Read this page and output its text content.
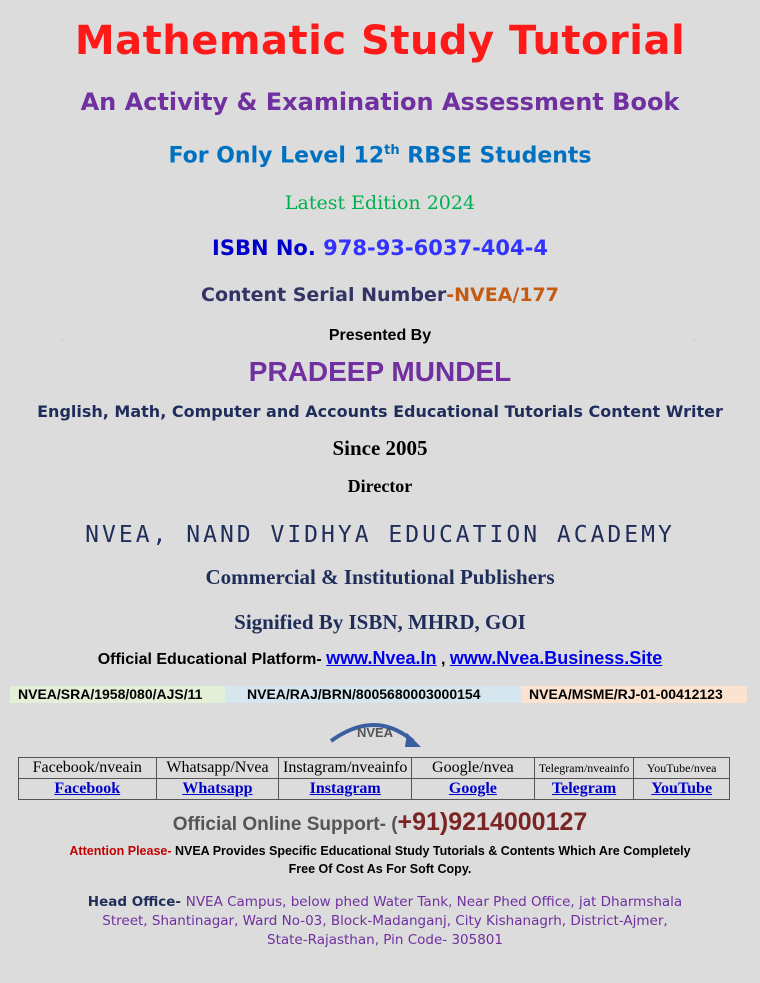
Mathematic Study Tutorial
An Activity & Examination Assessment Book
For Only Level 12th RBSE Students
Latest Edition 2024
ISBN No. 978-93-6037-404-4
Content Serial Number-NVEA/177
.	.
Presented By
PRADEEP MUNDEL
English, Math, Computer and Accounts Educational Tutorials Content Writer
Since 2005
Director
NVEA, NAND VIDHYA EDUCATION ACADEMY
Commercial & Institutional Publishers
Signified By ISBN, MHRD, GOI
Official Educational Platform- www.Nvea.In , www.Nvea.Business.Site
NVEA/SRA/1958/080/AJS/11	NVEA/RAJ/BRN/8005680003000154	NVEA/MSME/RJ-01-00412123
NVEA
Facebook/nveain	Whatsapp/Nvea	Instagram/nveainfo	Google/nvea	Telegram/nveainfo	YouTube/nvea
Facebook	Whatsapp	Instagram	Google	Telegram	YouTube
Official Online Support- (+91)9214000127
Attention Please- NVEA Provides Specific Educational Study Tutorials & Contents Which Are Completely Free Of Cost As For Soft Copy.
Head Office- NVEA Campus, below phed Water Tank, Near Phed Office, jat Dharmshala Street, Shantinagar, Ward No-03, Block-Madanganj, City Kishanagrh, District-Ajmer, State-Rajasthan, Pin Code- 305801
